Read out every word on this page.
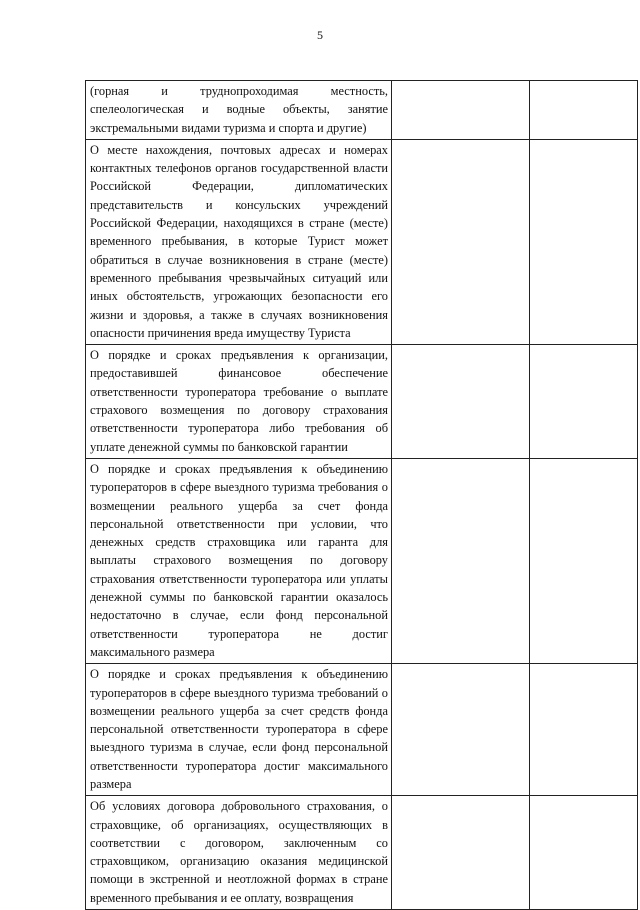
5
(горная и труднопроходимая местность, спелеологическая и водные объекты, занятие экстремальными видами туризма и спорта и другие)		
О месте нахождения, почтовых адресах и номерах контактных телефонов органов государственной власти Российской Федерации, дипломатических представительств и консульских учреждений Российской Федерации, находящихся в стране (месте) временного пребывания, в которые Турист может обратиться в случае возникновения в стране (месте) временного пребывания чрезвычайных ситуаций или иных обстоятельств, угрожающих безопасности его жизни и здоровья, а также в случаях возникновения опасности причинения вреда имуществу Туриста		
О порядке и сроках предъявления к организации, предоставившей финансовое обеспечение ответственности туроператора требование о выплате страхового возмещения по договору страхования ответственности туроператора либо требования об уплате денежной суммы по банковской гарантии		
О порядке и сроках предъявления к объединению туроператоров в сфере выездного туризма требования о возмещении реального ущерба за счет фонда персональной ответственности при условии, что денежных средств страховщика или гаранта для выплаты страхового возмещения по договору страхования ответственности туроператора или уплаты денежной суммы по банковской гарантии оказалось недостаточно в случае, если фонд персональной ответственности туроператора не достиг максимального размера		
О порядке и сроках предъявления к объединению туроператоров в сфере выездного туризма требований о возмещении реального ущерба за счет средств фонда персональной ответственности туроператора в сфере выездного туризма в случае, если фонд персональной ответственности туроператора достиг максимального размера		
Об условиях договора добровольного страхования, о страховщике, об организациях, осуществляющих в соответствии с договором, заключенным со страховщиком, организацию оказания медицинской помощи в экстренной и неотложной формах в стране временного пребывания и ее оплату, возвращения		
